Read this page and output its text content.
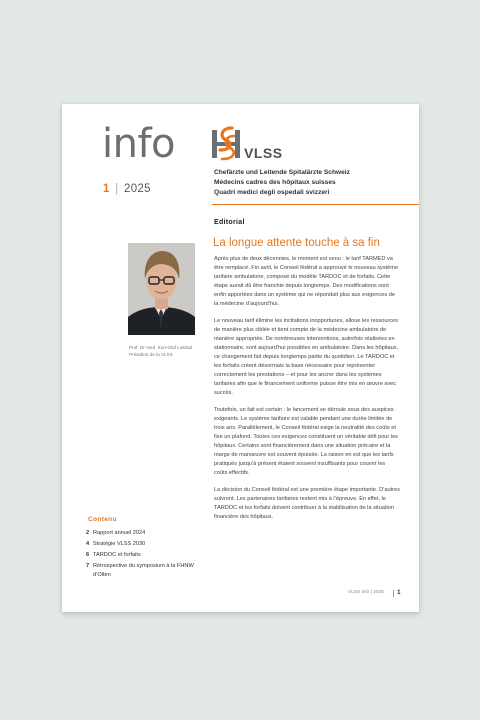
info
1 | 2025
VLSS
Chefärzte und Leitende Spitalärzte Schweiz
Médecins cadres des hôpitaux suisses
Quadri medici degli ospedali svizzeri
Editorial
La longue attente touche à sa fin
Prof. Dr med. Kurt-Olaf Lieblad
Président de la VLSS

Après plus de deux décennies, le moment est venu : le tarif TARMED va être remplacé. Fin avril, le Conseil fédéral a approuvé le nouveau système tarifaire ambulatoire, composé du modèle TARDOC et de forfaits. Cette étape aurait dû être franchie depuis longtemps. Des modifications sont enfin apportées dans un système qui ne répondait plus aux exigences de la médecine d’aujourd’hui.

Le nouveau tarif élimine les incitations inopportunes, alloue les ressources de manière plus ciblée et tient compte de la médecine ambulatoire de manière appropriée. De nombreuses interventions, autrefois réalisées en stationnaire, sont aujourd’hui possibles en ambulatoire. Dans les hôpitaux, ce changement fait depuis longtemps partie du quotidien. Le TARDOC et les forfaits créent désormais la base nécessaire pour représenter correctement les prestations – et pour les ancrer dans les systèmes tarifaires afin que le financement uniforme puisse être mis en œuvre avec succès.

Toutefois, un fait est certain : le lancement se déroule sous des auspices exigeants. Le système tarifaire est valable pendant une durée limitée de trois ans. Parallèlement, le Conseil fédéral exige la neutralité des coûts et fixe un plafond. Toutes ces exigences constituent un véritable défi pour les hôpitaux. Certains sont financièrement dans une situation précaire et la marge de manœuvre est souvent épuisée. La raison en est que les tarifs pratiqués jusqu’à présent étaient souvent insuffisants pour couvrir les coûts effectifs.

La décision du Conseil fédéral est une première étape importante. D’autres suivront. Les partenaires tarifaires restent mis à l’épreuve. En effet, le TARDOC et les forfaits doivent contribuer à la stabilisation de la situation financière des hôpitaux.

Contenu
2 Rapport annuel 2024
4 Stratégie VLSS 2030
6 TARDOC et forfaits
7 Rétrospective du symposium à la FHNW d’Olten
VLSS info | 2025 1
